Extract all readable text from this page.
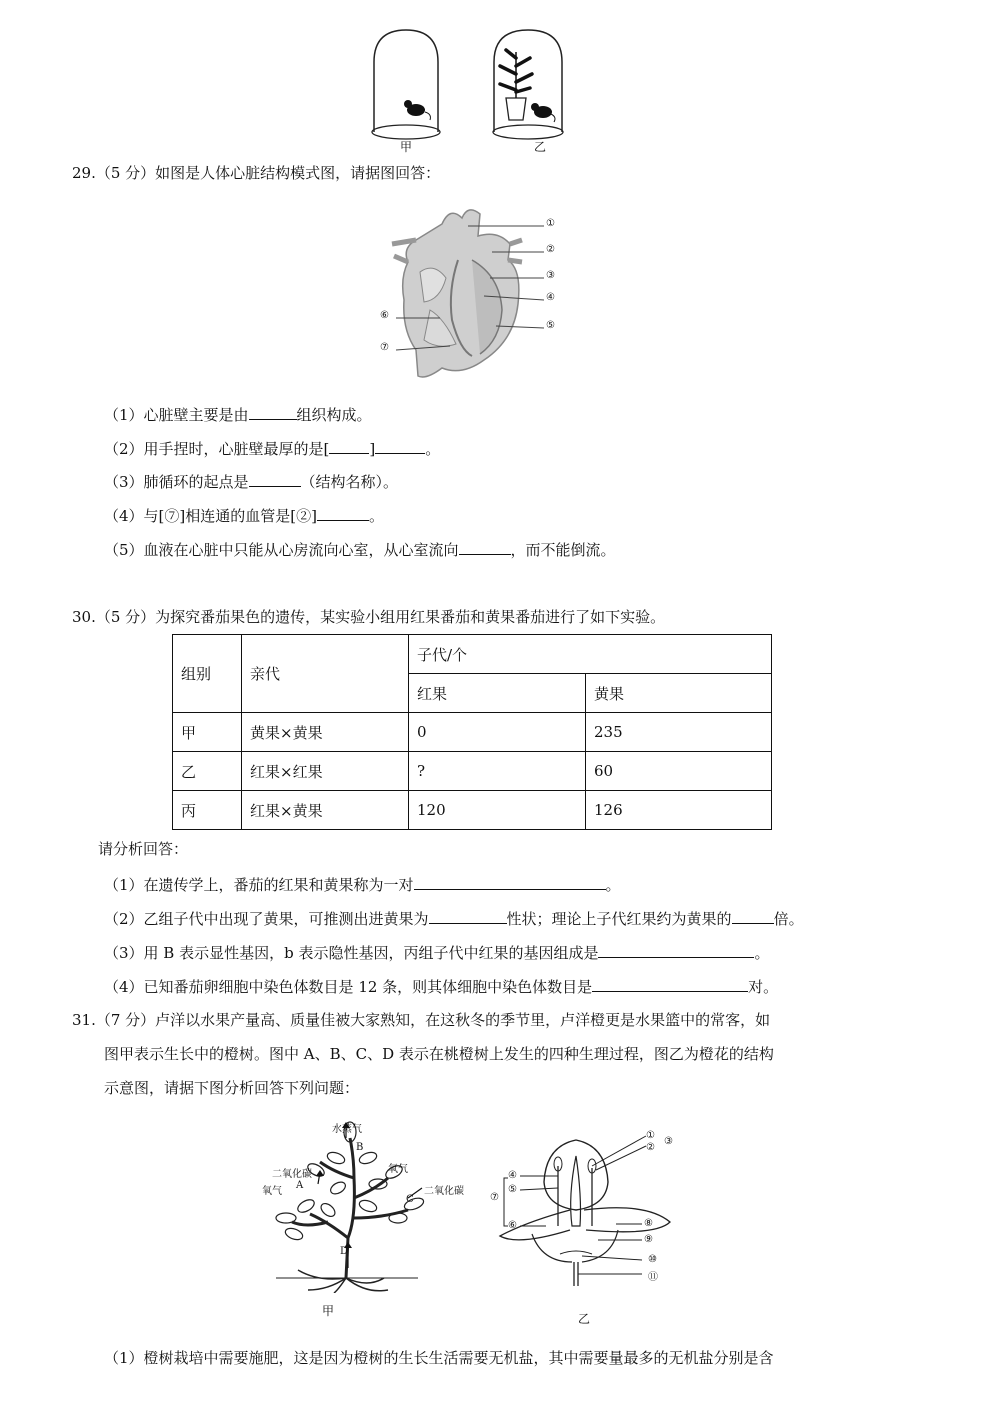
甲	乙
29.（5 分）如图是人体心脏结构模式图，请据图回答：
①
②
③
④
⑤
⑥
⑦
（1）心脏壁主要是由	组织构成。
（2）用手捏时，心脏壁最厚的是[	]	。
（3）肺循环的起点是	（结构名称）。
（4）与[⑦]相连通的血管是[②]	。
（5）血液在心脏中只能从心房流向心室，从心室流向	，而不能倒流。
30.（5 分）为探究番茄果色的遗传，某实验小组用红果番茄和黄果番茄进行了如下实验。
组别	亲代	子代/个	
		红果	黄果
甲	黄果×黄果	0	235
乙	红果×红果	?	60
丙	红果×黄果	120	126
请分析回答：
（1）在遗传学上，番茄的红果和黄果称为一对	。
（2）乙组子代中出现了黄果，可推测出进黄果为	性状；理论上子代红果约为黄果的	倍。
（3）用 B 表示显性基因，b 表示隐性基因，丙组子代中红果的基因组成是	。
（4）已知番茄卵细胞中染色体数目是 12 条，则其体细胞中染色体数目是	对。
31.（7 分）卢洋以水果产量高、质量佳被大家熟知，在这秋冬的季节里，卢洋橙更是水果篮中的常客，如
图甲表示生长中的橙树。图中 A、B、C、D 表示在桃橙树上发生的四种生理过程，图乙为橙花的结构
示意图，请据下图分析回答下列问题：
水蒸气
B
二氧化碳
氧气
A
氧气
二氧化碳
C
D
甲
①
②
③
④
⑤
⑦
⑥	⑧
⑨
⑩
⑪
乙
（1）橙树栽培中需要施肥，这是因为橙树的生长生活需要无机盐，其中需要量最多的无机盐分别是含
